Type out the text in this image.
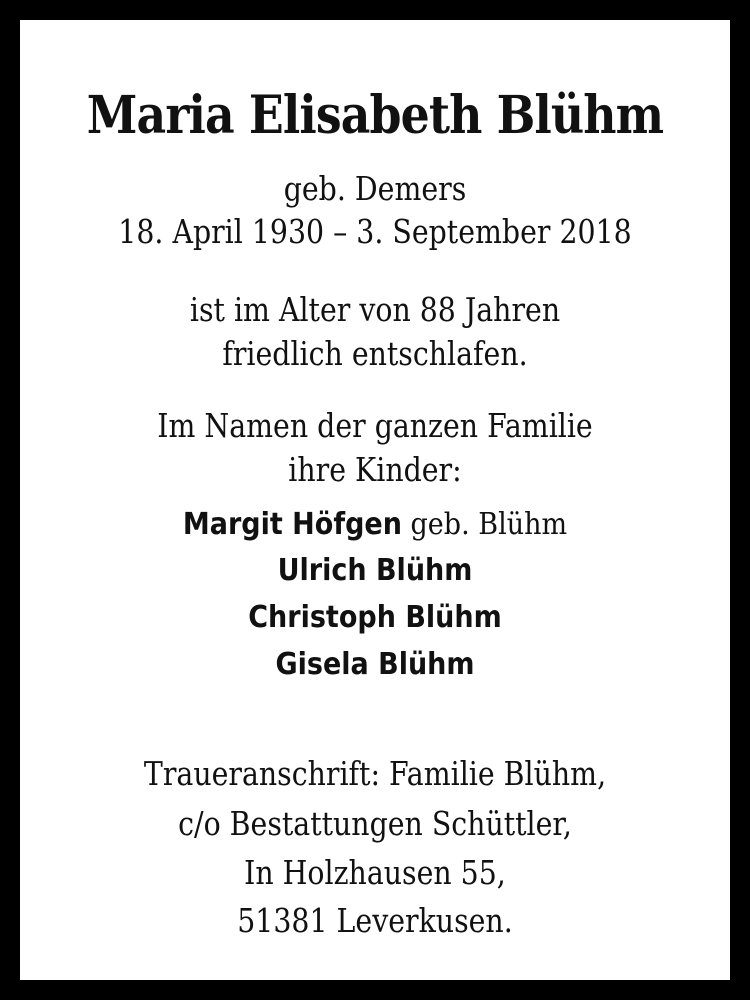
Maria Elisabeth Blühm
geb. Demers
18. April 1930 – 3. September 2018
ist im Alter von 88 Jahren
friedlich entschlafen.
Im Namen der ganzen Familie
ihre Kinder:
Margit Höfgen geb. Blühm
Ulrich Blühm
Christoph Blühm
Gisela Blühm
Traueranschrift: Familie Blühm,
c/o Bestattungen Schüttler,
In Holzhausen 55,
51381 Leverkusen.
